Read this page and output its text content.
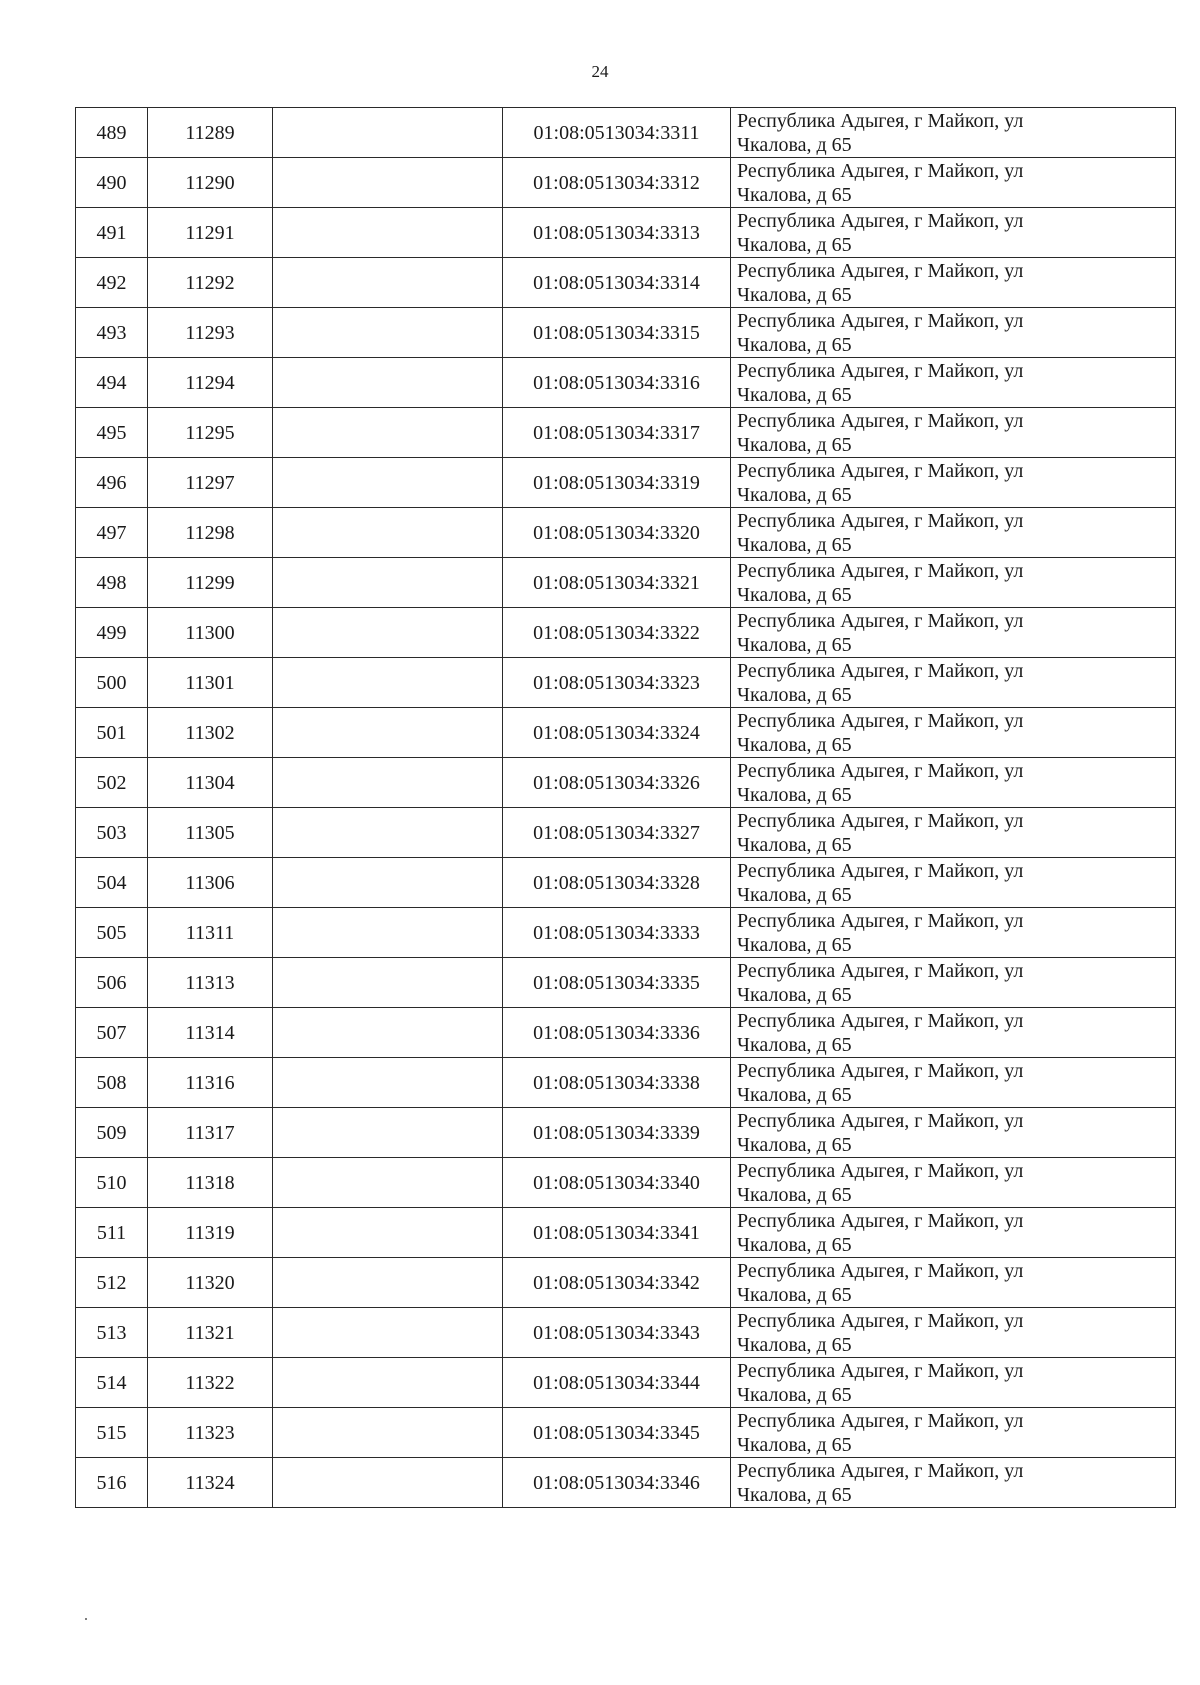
24
489	11289		01:08:0513034:3311	Республика Адыгея, г Майкоп, ул
Чкалова, д 65

490	11290		01:08:0513034:3312	Республика Адыгея, г Майкоп, ул
Чкалова, д 65

491	11291		01:08:0513034:3313	Республика Адыгея, г Майкоп, ул
Чкалова, д 65

492	11292		01:08:0513034:3314	Республика Адыгея, г Майкоп, ул
Чкалова, д 65

493	11293		01:08:0513034:3315	Республика Адыгея, г Майкоп, ул
Чкалова, д 65

494	11294		01:08:0513034:3316	Республика Адыгея, г Майкоп, ул
Чкалова, д 65

495	11295		01:08:0513034:3317	Республика Адыгея, г Майкоп, ул
Чкалова, д 65

496	11297		01:08:0513034:3319	Республика Адыгея, г Майкоп, ул
Чкалова, д 65

497	11298		01:08:0513034:3320	Республика Адыгея, г Майкоп, ул
Чкалова, д 65

498	11299		01:08:0513034:3321	Республика Адыгея, г Майкоп, ул
Чкалова, д 65

499	11300		01:08:0513034:3322	Республика Адыгея, г Майкоп, ул
Чкалова, д 65

500	11301		01:08:0513034:3323	Республика Адыгея, г Майкоп, ул
Чкалова, д 65

501	11302		01:08:0513034:3324	Республика Адыгея, г Майкоп, ул
Чкалова, д 65

502	11304		01:08:0513034:3326	Республика Адыгея, г Майкоп, ул
Чкалова, д 65

503	11305		01:08:0513034:3327	Республика Адыгея, г Майкоп, ул
Чкалова, д 65

504	11306		01:08:0513034:3328	Республика Адыгея, г Майкоп, ул
Чкалова, д 65

505	11311		01:08:0513034:3333	Республика Адыгея, г Майкоп, ул
Чкалова, д 65

506	11313		01:08:0513034:3335	Республика Адыгея, г Майкоп, ул
Чкалова, д 65

507	11314		01:08:0513034:3336	Республика Адыгея, г Майкоп, ул
Чкалова, д 65

508	11316		01:08:0513034:3338	Республика Адыгея, г Майкоп, ул
Чкалова, д 65

509	11317		01:08:0513034:3339	Республика Адыгея, г Майкоп, ул
Чкалова, д 65

510	11318		01:08:0513034:3340	Республика Адыгея, г Майкоп, ул
Чкалова, д 65

511	11319		01:08:0513034:3341	Республика Адыгея, г Майкоп, ул
Чкалова, д 65

512	11320		01:08:0513034:3342	Республика Адыгея, г Майкоп, ул
Чкалова, д 65

513	11321		01:08:0513034:3343	Республика Адыгея, г Майкоп, ул
Чкалова, д 65

514	11322		01:08:0513034:3344	Республика Адыгея, г Майкоп, ул
Чкалова, д 65

515	11323		01:08:0513034:3345	Республика Адыгея, г Майкоп, ул
Чкалова, д 65

516	11324		01:08:0513034:3346	Республика Адыгея, г Майкоп, ул
Чкалова, д 65
